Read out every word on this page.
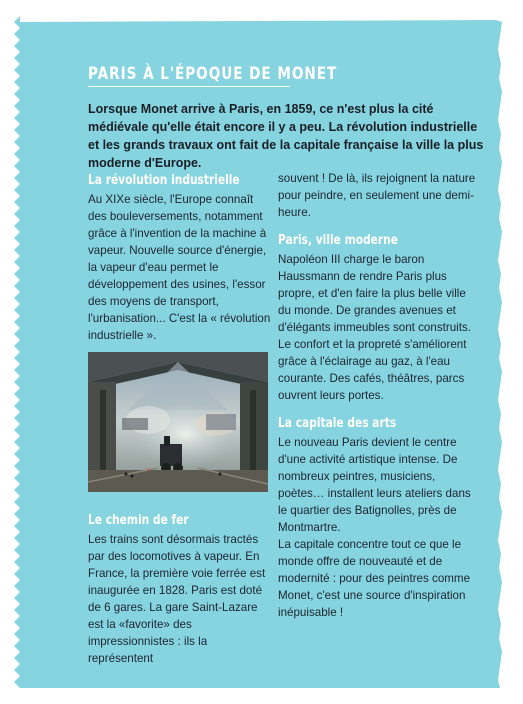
PARIS À L'ÉPOQUE DE MONET

Lorsque Monet arrive à Paris, en 1859, ce n'est plus la cité médiévale qu'elle était encore il y a peu. La révolution industrielle et les grands travaux ont fait de la capitale française la ville la plus moderne d'Europe.

La révolution industrielle

Au XIXe siècle, l'Europe connaît des bouleversements, notamment grâce à l'invention de la machine à vapeur. Nouvelle source d'énergie, la vapeur d'eau permet le développement des usines, l'essor des moyens de transport, l'urbanisation... C'est la « révolution industrielle ».

Le chemin de fer

Les trains sont désormais tractés par des locomotives à vapeur. En France, la première voie ferrée est inaugurée en 1828. Paris est doté de 6 gares. La gare Saint-Lazare est la «favorite» des impressionnistes : ils la représentent

souvent ! De là, ils rejoignent la nature pour peindre, en seulement une demi-heure.

Paris, ville moderne

Napoléon III charge le baron Haussmann de rendre Paris plus propre, et d'en faire la plus belle ville du monde. De grandes avenues et d'élégants immeubles sont construits. Le confort et la propreté s'améliorent grâce à l'éclairage au gaz, à l'eau courante. Des cafés, théâtres, parcs ouvrent leurs portes.

La capitale des arts

Le nouveau Paris devient le centre d'une activité artistique intense. De nombreux peintres, musiciens, poètes… installent leurs ateliers dans le quartier des Batignolles, près de Montmartre.

La capitale concentre tout ce que le monde offre de nouveauté et de modernité : pour des peintres comme Monet, c'est une source d'inspiration inépuisable !
